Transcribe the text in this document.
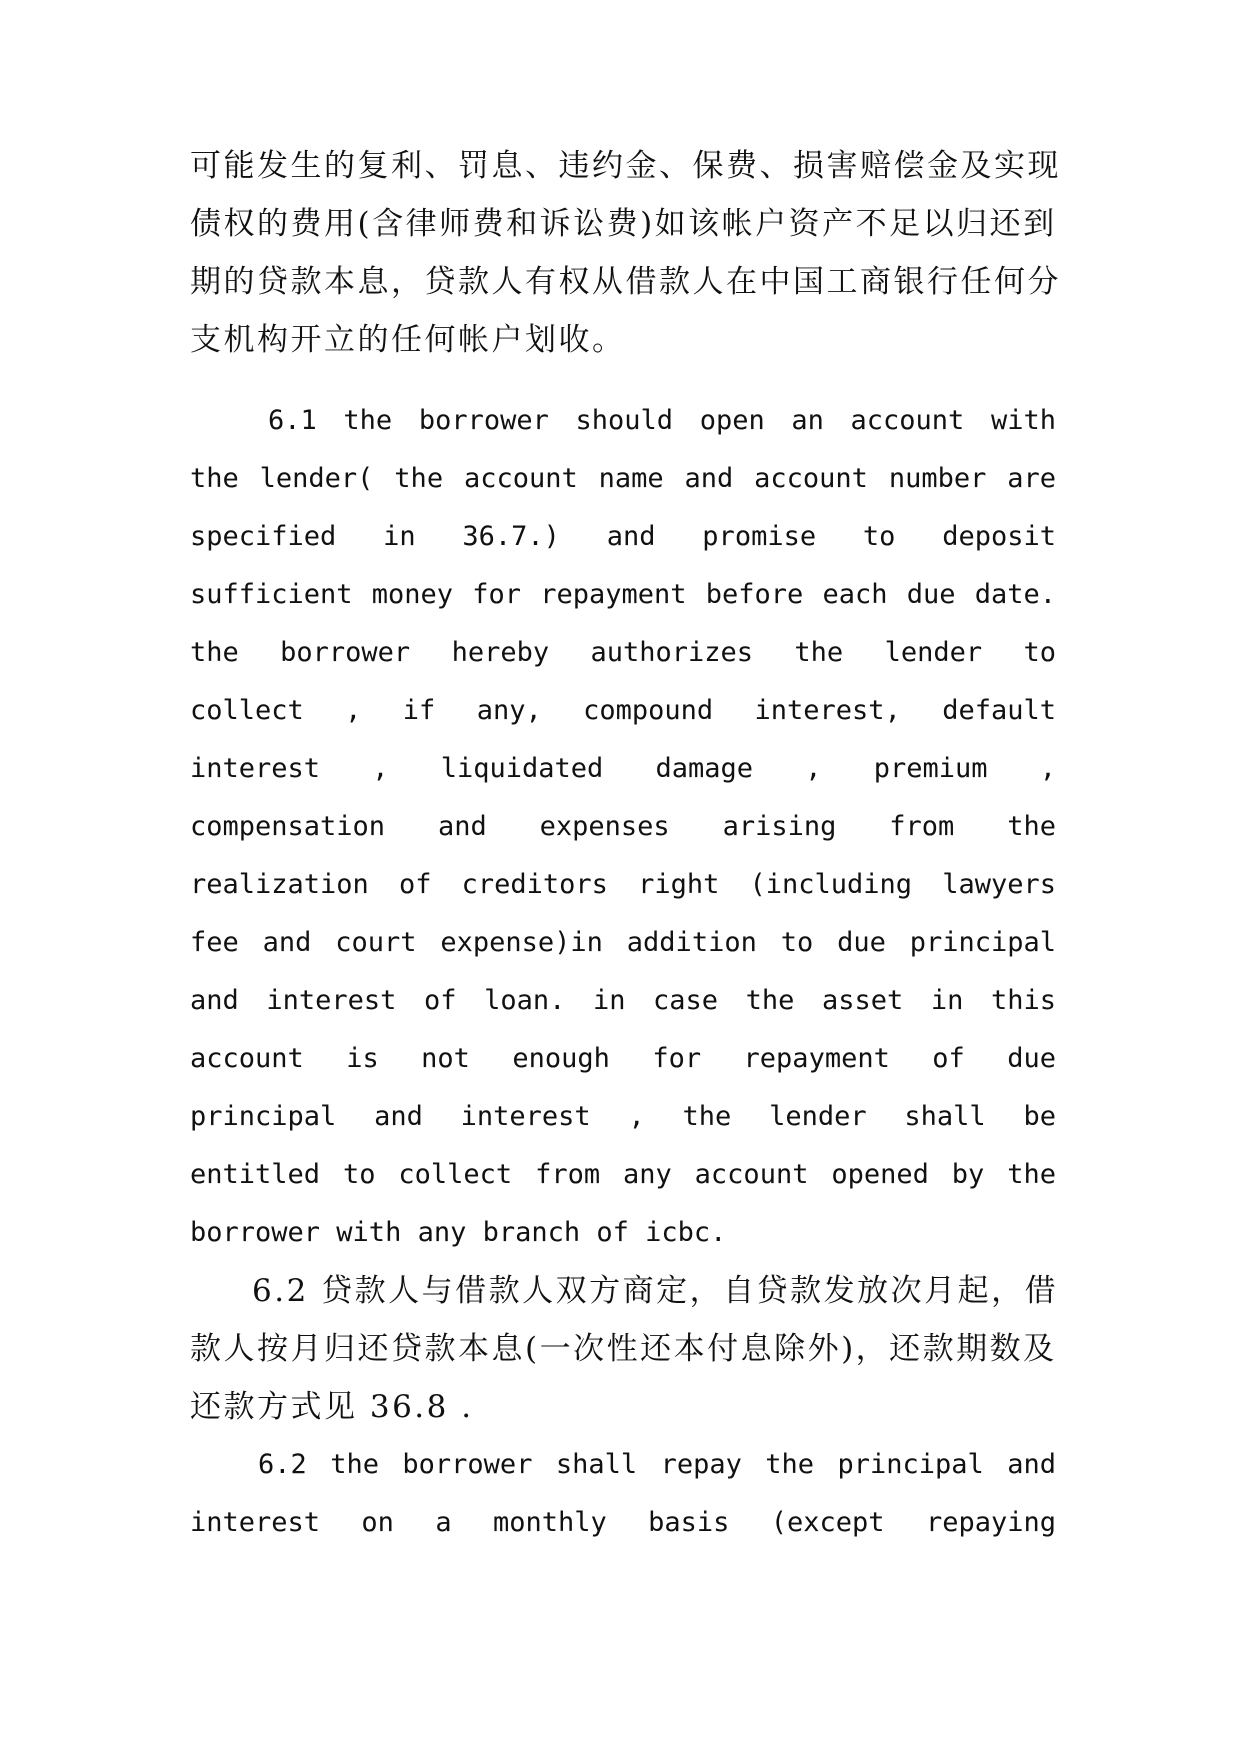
可能发生的复利、罚息、违约金、保费、损害赔偿金及实现
债权的费用(含律师费和诉讼费)如该帐户资产不足以归还到
期的贷款本息，贷款人有权从借款人在中国工商银行任何分
支机构开立的任何帐户划收。
6.1 the borrower should open an account with
the lender( the account name and account number are
specified in 36.7.) and promise to deposit
sufficient money for repayment before each due date.
the borrower hereby authorizes the lender to
collect , if any, compound interest, default
interest , liquidated damage , premium ,
compensation and expenses arising from the
realization of creditors right (including lawyers
fee and court expense)in addition to due principal
and interest of loan. in case the asset in this
account is not enough for repayment of due
principal and interest , the lender shall be
entitled to collect from any account opened by the
borrower with any branch of icbc.
6.2 贷款人与借款人双方商定，自贷款发放次月起，借
款人按月归还贷款本息(一次性还本付息除外)，还款期数及
还款方式见 36.8 .
6.2 the borrower shall repay the principal and
interest on a monthly basis (except repaying
